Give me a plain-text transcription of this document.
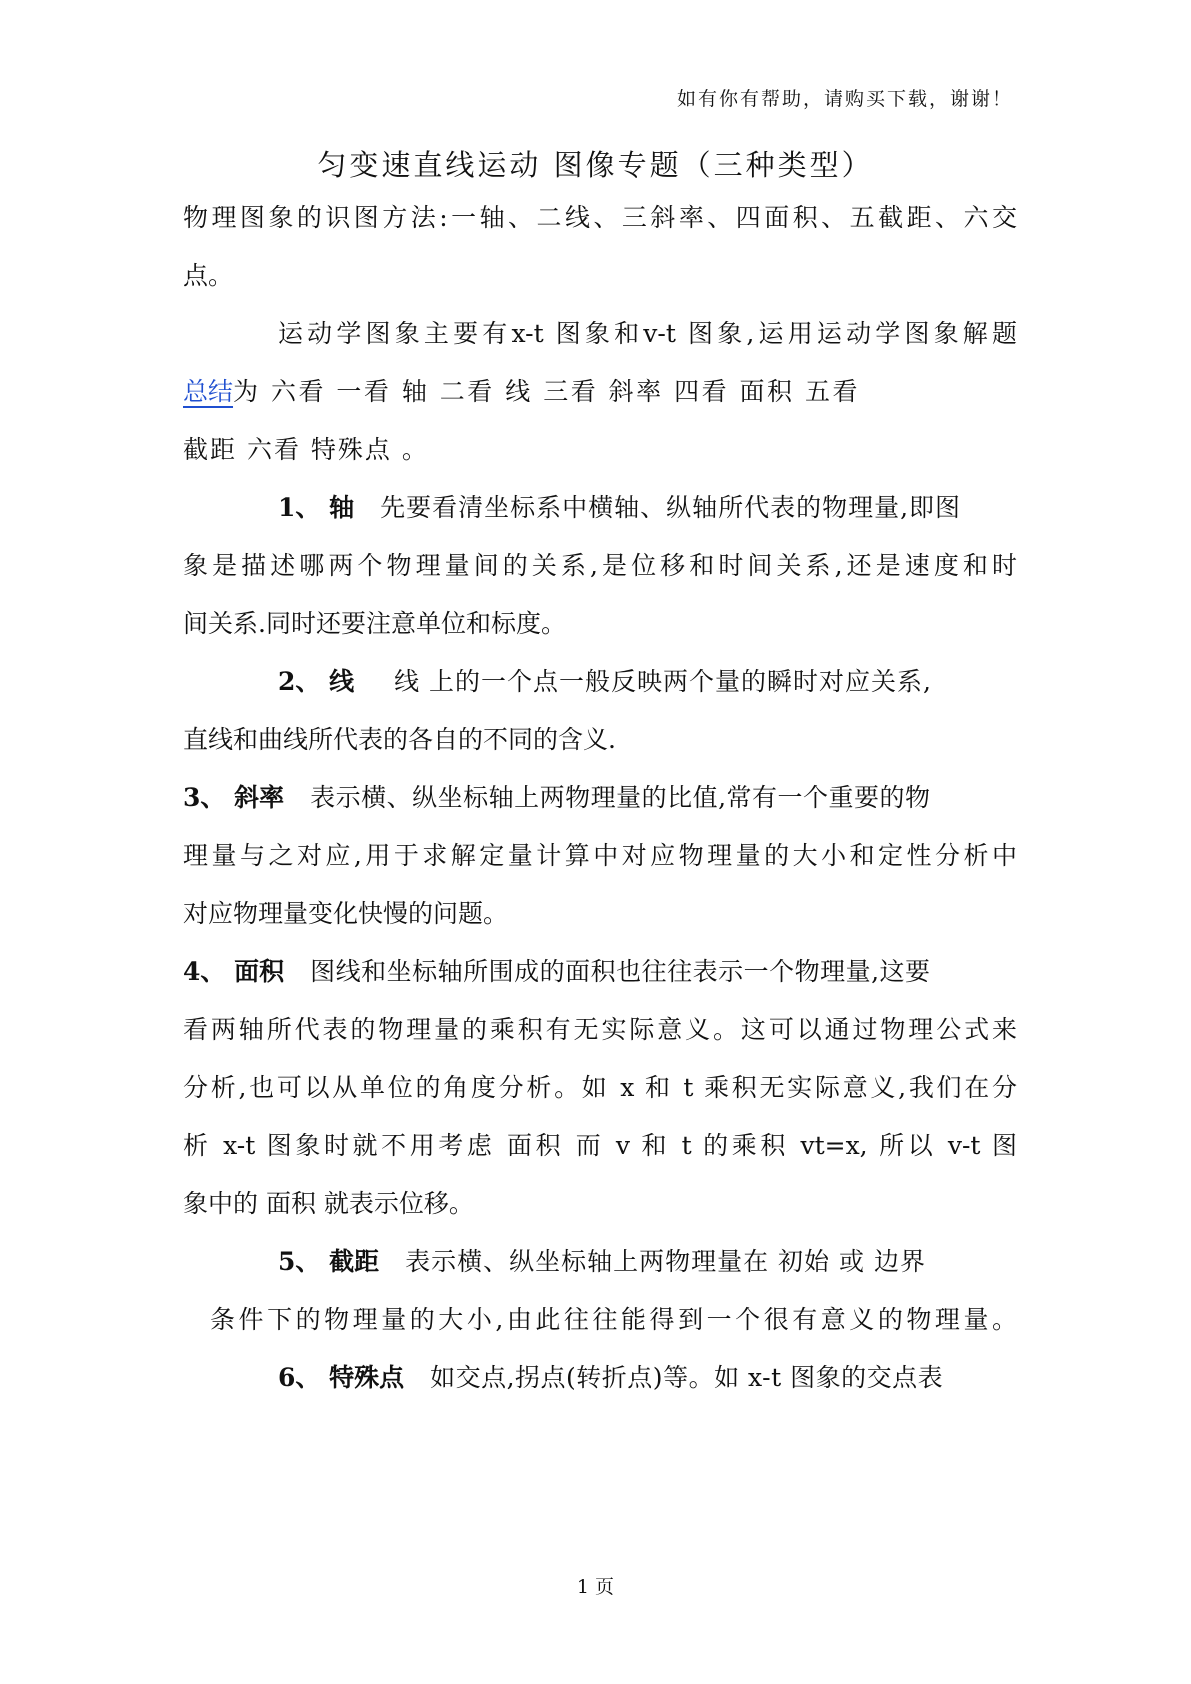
如有你有帮助，请购买下载，谢谢！
匀变速直线运动 图像专题（三种类型）
物理图象的识图方法:一轴、二线、三斜率、四面积、五截距、六交
点。
运动学图象主要有x-t 图象和v-t 图象,运用运动学图象解题
总结为 六看 一看 轴 二看 线 三看 斜率 四看 面积 五看
截距 六看 特殊点 。
1、 轴 先要看清坐标系中横轴、纵轴所代表的物理量,即图
象是描述哪两个物理量间的关系,是位移和时间关系,还是速度和时
间关系.同时还要注意单位和标度。
2、 线 线 上的一个点一般反映两个量的瞬时对应关系,
直线和曲线所代表的各自的不同的含义.
3、 斜率 表示横、纵坐标轴上两物理量的比值,常有一个重要的物
理量与之对应,用于求解定量计算中对应物理量的大小和定性分析中
对应物理量变化快慢的问题。
4、 面积 图线和坐标轴所围成的面积也往往表示一个物理量,这要
看两轴所代表的物理量的乘积有无实际意义。这可以通过物理公式来
分析,也可以从单位的角度分析。如 x 和 t 乘积无实际意义,我们在分
析 x-t 图象时就不用考虑 面积 而 v 和 t 的乘积 vt=x, 所以 v-t 图
象中的 面积 就表示位移。
5、 截距 表示横、纵坐标轴上两物理量在 初始 或 边界
条件下的物理量的大小,由此往往能得到一个很有意义的物理量。
6、 特殊点 如交点,拐点(转折点)等。如 x-t 图象的交点表
1 页
